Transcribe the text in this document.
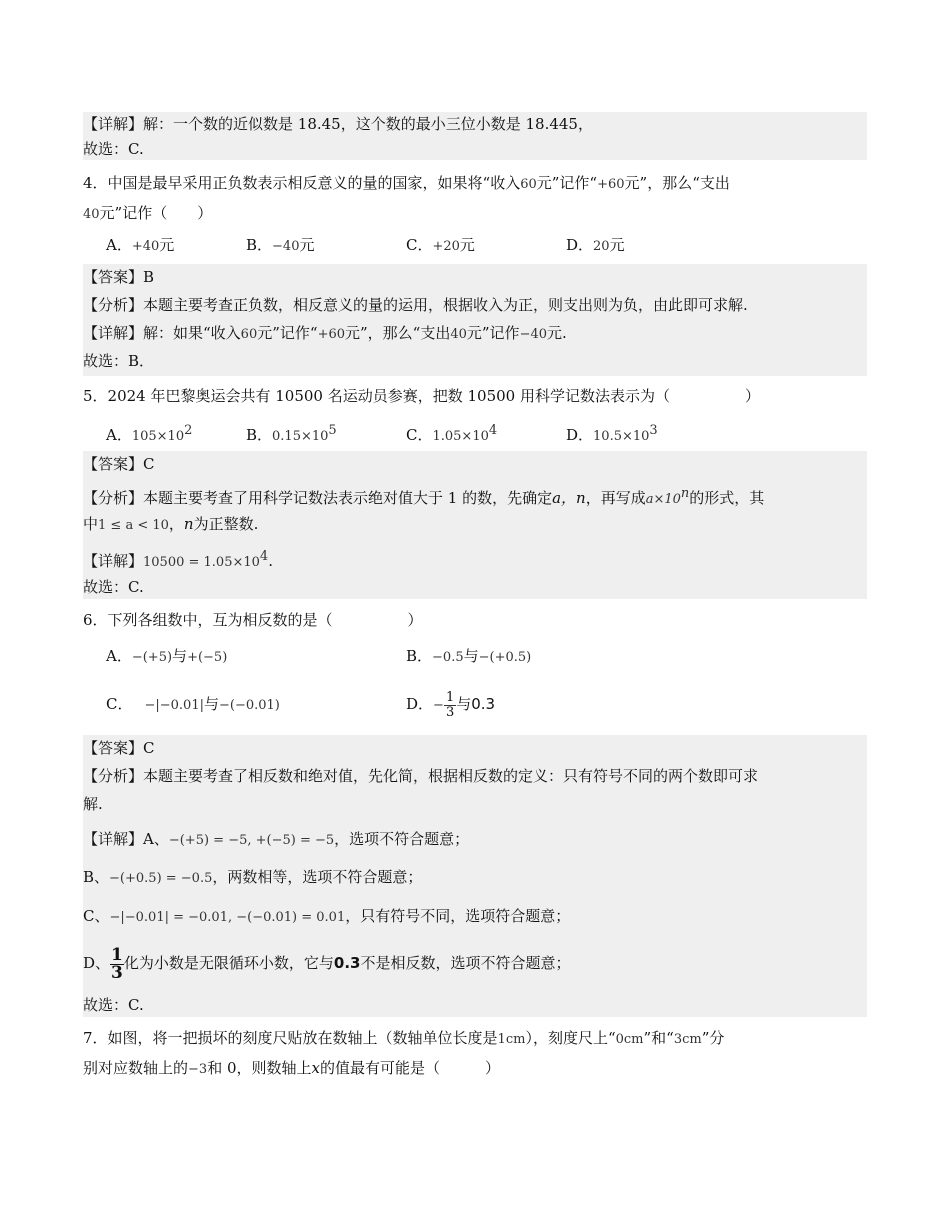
【详解】解：一个数的近似数是 18.45，这个数的最小三位小数是 18.445，
故选：C.
4．中国是最早采用正负数表示相反意义的量的国家，如果将“收入60元”记作“+60元”，那么“支出
40元”记作（　　）
A．+40元	B．−40元	C．+20元	D．20元
【答案】B
【分析】本题主要考查正负数，相反意义的量的运用，根据收入为正，则支出则为负，由此即可求解.
【详解】解：如果“收入60元”记作“+60元”，那么“支出40元”记作−40元.
故选：B．
5．2024 年巴黎奥运会共有 10500 名运动员参赛，把数 10500 用科学记数法表示为（　　　　　）
A．$105\times 10^2$	B．$0.15\times 10^5$	C．$1.05\times 10^4$	D．$10.5\times 10^3$
【答案】C
【分析】本题主要考查了用科学记数法表示绝对值大于 1 的数，先确定a，n，再写成$a\times 10^n$的形式，其
中1 ≤ a < 10，n为正整数.
【详解】$10500 = 1.05\times 10^4$.
故选：C.
6．下列各组数中，互为相反数的是（　　　　　）
A．−(+5)与+(−5)	B．−0.5与−(+0.5)
C． −|−0.01|与−(−0.01)	D．− $\frac{1}{3}$ 与0.3
【答案】C
【分析】本题主要考查了相反数和绝对值，先化简，根据相反数的定义：只有符号不同的两个数即可求
解.
【详解】A、−(+5) = −5, +(−5) = −5，选项不符合题意；
B、−(+0.5) = −0.5，两数相等，选项不符合题意；
C、−|−0.01| = −0.01, −(−0.01) = 0.01，只有符号不同，选项符合题意；
D、 $\frac{1}{3}$ 化为小数是无限循环小数，它与0.3不是相反数，选项不符合题意；
故选：C.
7．如图，将一把损坏的刻度尺贴放在数轴上（数轴单位长度是1cm），刻度尺上“0cm”和“3cm”分
别对应数轴上的−3和 0，则数轴上x的值最有可能是（　　　）
